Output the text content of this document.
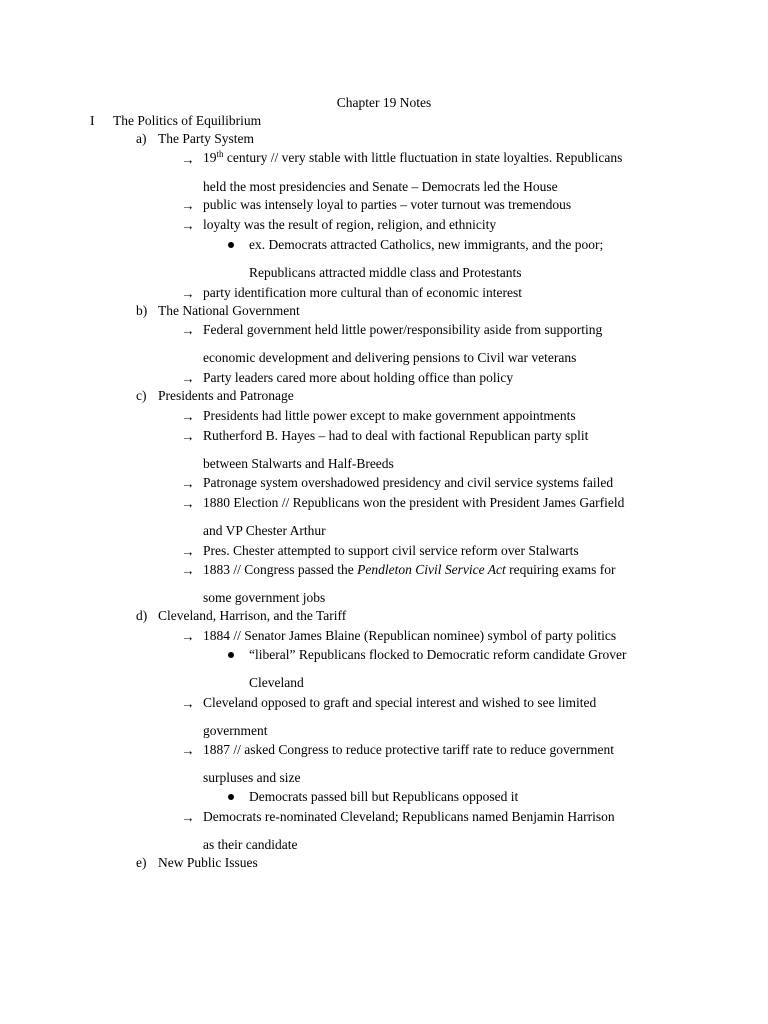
Chapter 19 Notes
I The Politics of Equilibrium
a) The Party System
→ 19th century // very stable with little fluctuation in state loyalties. Republicans
held the most presidencies and Senate – Democrats led the House
→ public was intensely loyal to parties – voter turnout was tremendous
→ loyalty was the result of region, religion, and ethnicity
ex. Democrats attracted Catholics, new immigrants, and the poor;
Republicans attracted middle class and Protestants
→ party identification more cultural than of economic interest
b) The National Government
→ Federal government held little power/responsibility aside from supporting
economic development and delivering pensions to Civil war veterans
→ Party leaders cared more about holding office than policy
c) Presidents and Patronage
→ Presidents had little power except to make government appointments
→ Rutherford B. Hayes – had to deal with factional Republican party split
between Stalwarts and Half-Breeds
→ Patronage system overshadowed presidency and civil service systems failed
→ 1880 Election // Republicans won the president with President James Garfield
and VP Chester Arthur
→ Pres. Chester attempted to support civil service reform over Stalwarts
→ 1883 // Congress passed the Pendleton Civil Service Act requiring exams for
some government jobs
d) Cleveland, Harrison, and the Tariff
→ 1884 // Senator James Blaine (Republican nominee) symbol of party politics
“liberal” Republicans flocked to Democratic reform candidate Grover
Cleveland
→ Cleveland opposed to graft and special interest and wished to see limited
government
→ 1887 // asked Congress to reduce protective tariff rate to reduce government
surpluses and size
Democrats passed bill but Republicans opposed it
→ Democrats re-nominated Cleveland; Republicans named Benjamin Harrison
as their candidate
e) New Public Issues
